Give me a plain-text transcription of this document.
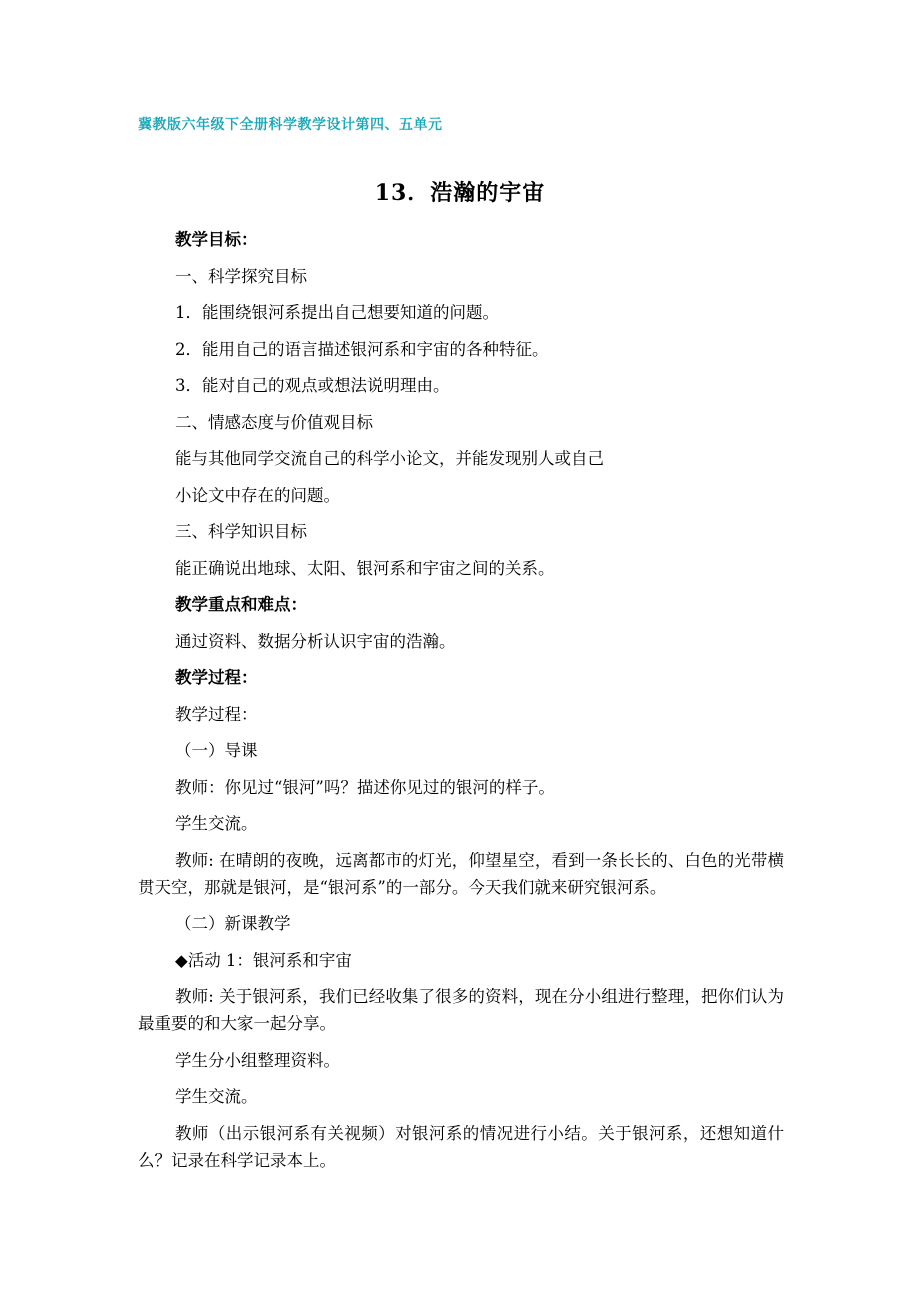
冀教版六年级下全册科学教学设计第四、五单元
13．浩瀚的宇宙

教学目标：

一、科学探究目标

1．能围绕银河系提出自己想要知道的问题。

2．能用自己的语言描述银河系和宇宙的各种特征。

3．能对自己的观点或想法说明理由。

二、情感态度与价值观目标

能与其他同学交流自己的科学小论文，并能发现别人或自己

小论文中存在的问题。

三、科学知识目标

能正确说出地球、太阳、银河系和宇宙之间的关系。

教学重点和难点：

通过资料、数据分析认识宇宙的浩瀚。

教学过程：

教学过程：

（一）导课

教师：你见过“银河”吗？描述你见过的银河的样子。

学生交流。

教师: 在晴朗的夜晚，远离都市的灯光，仰望星空，看到一条长长的、白色的光带横贯天空，那就是银河，是“银河系”的一部分。今天我们就来研究银河系。

（二）新课教学

◆活动 1：银河系和宇宙

教师: 关于银河系，我们已经收集了很多的资料，现在分小组进行整理，把你们认为最重要的和大家一起分享。

学生分小组整理资料。

学生交流。

教师（出示银河系有关视频）对银河系的情况进行小结。关于银河系，还想知道什么？记录在科学记录本上。
